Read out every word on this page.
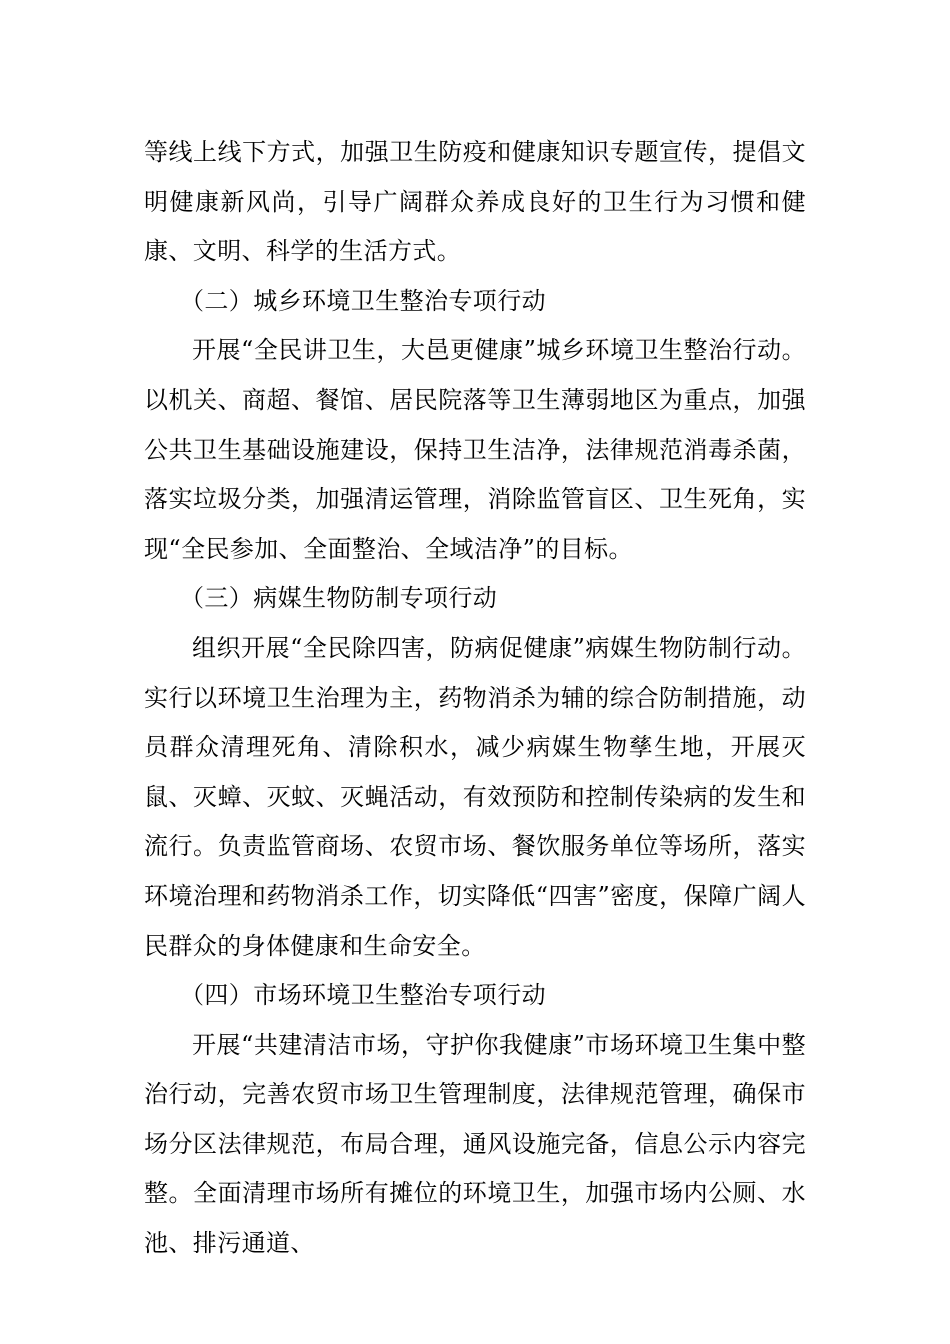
等线上线下方式，加强卫生防疫和健康知识专题宣传，提倡文明健康新风尚，引导广阔群众养成良好的卫生行为习惯和健康、文明、科学的生活方式。

（二）城乡环境卫生整治专项行动

开展“全民讲卫生，大邑更健康”城乡环境卫生整治行动。以机关、商超、餐馆、居民院落等卫生薄弱地区为重点，加强公共卫生基础设施建设，保持卫生洁净，法律规范消毒杀菌，落实垃圾分类，加强清运管理，消除监管盲区、卫生死角，实现“全民参加、全面整治、全域洁净”的目标。

（三）病媒生物防制专项行动

组织开展“全民除四害，防病促健康”病媒生物防制行动。实行以环境卫生治理为主，药物消杀为辅的综合防制措施，动员群众清理死角、清除积水，减少病媒生物孳生地，开展灭鼠、灭蟑、灭蚊、灭蝇活动，有效预防和控制传染病的发生和流行。负责监管商场、农贸市场、餐饮服务单位等场所，落实环境治理和药物消杀工作，切实降低“四害”密度，保障广阔人民群众的身体健康和生命安全。

（四）市场环境卫生整治专项行动

开展“共建清洁市场，守护你我健康”市场环境卫生集中整治行动，完善农贸市场卫生管理制度，法律规范管理，确保市场分区法律规范，布局合理，通风设施完备，信息公示内容完整。全面清理市场所有摊位的环境卫生，加强市场内公厕、水池、排污通道、
